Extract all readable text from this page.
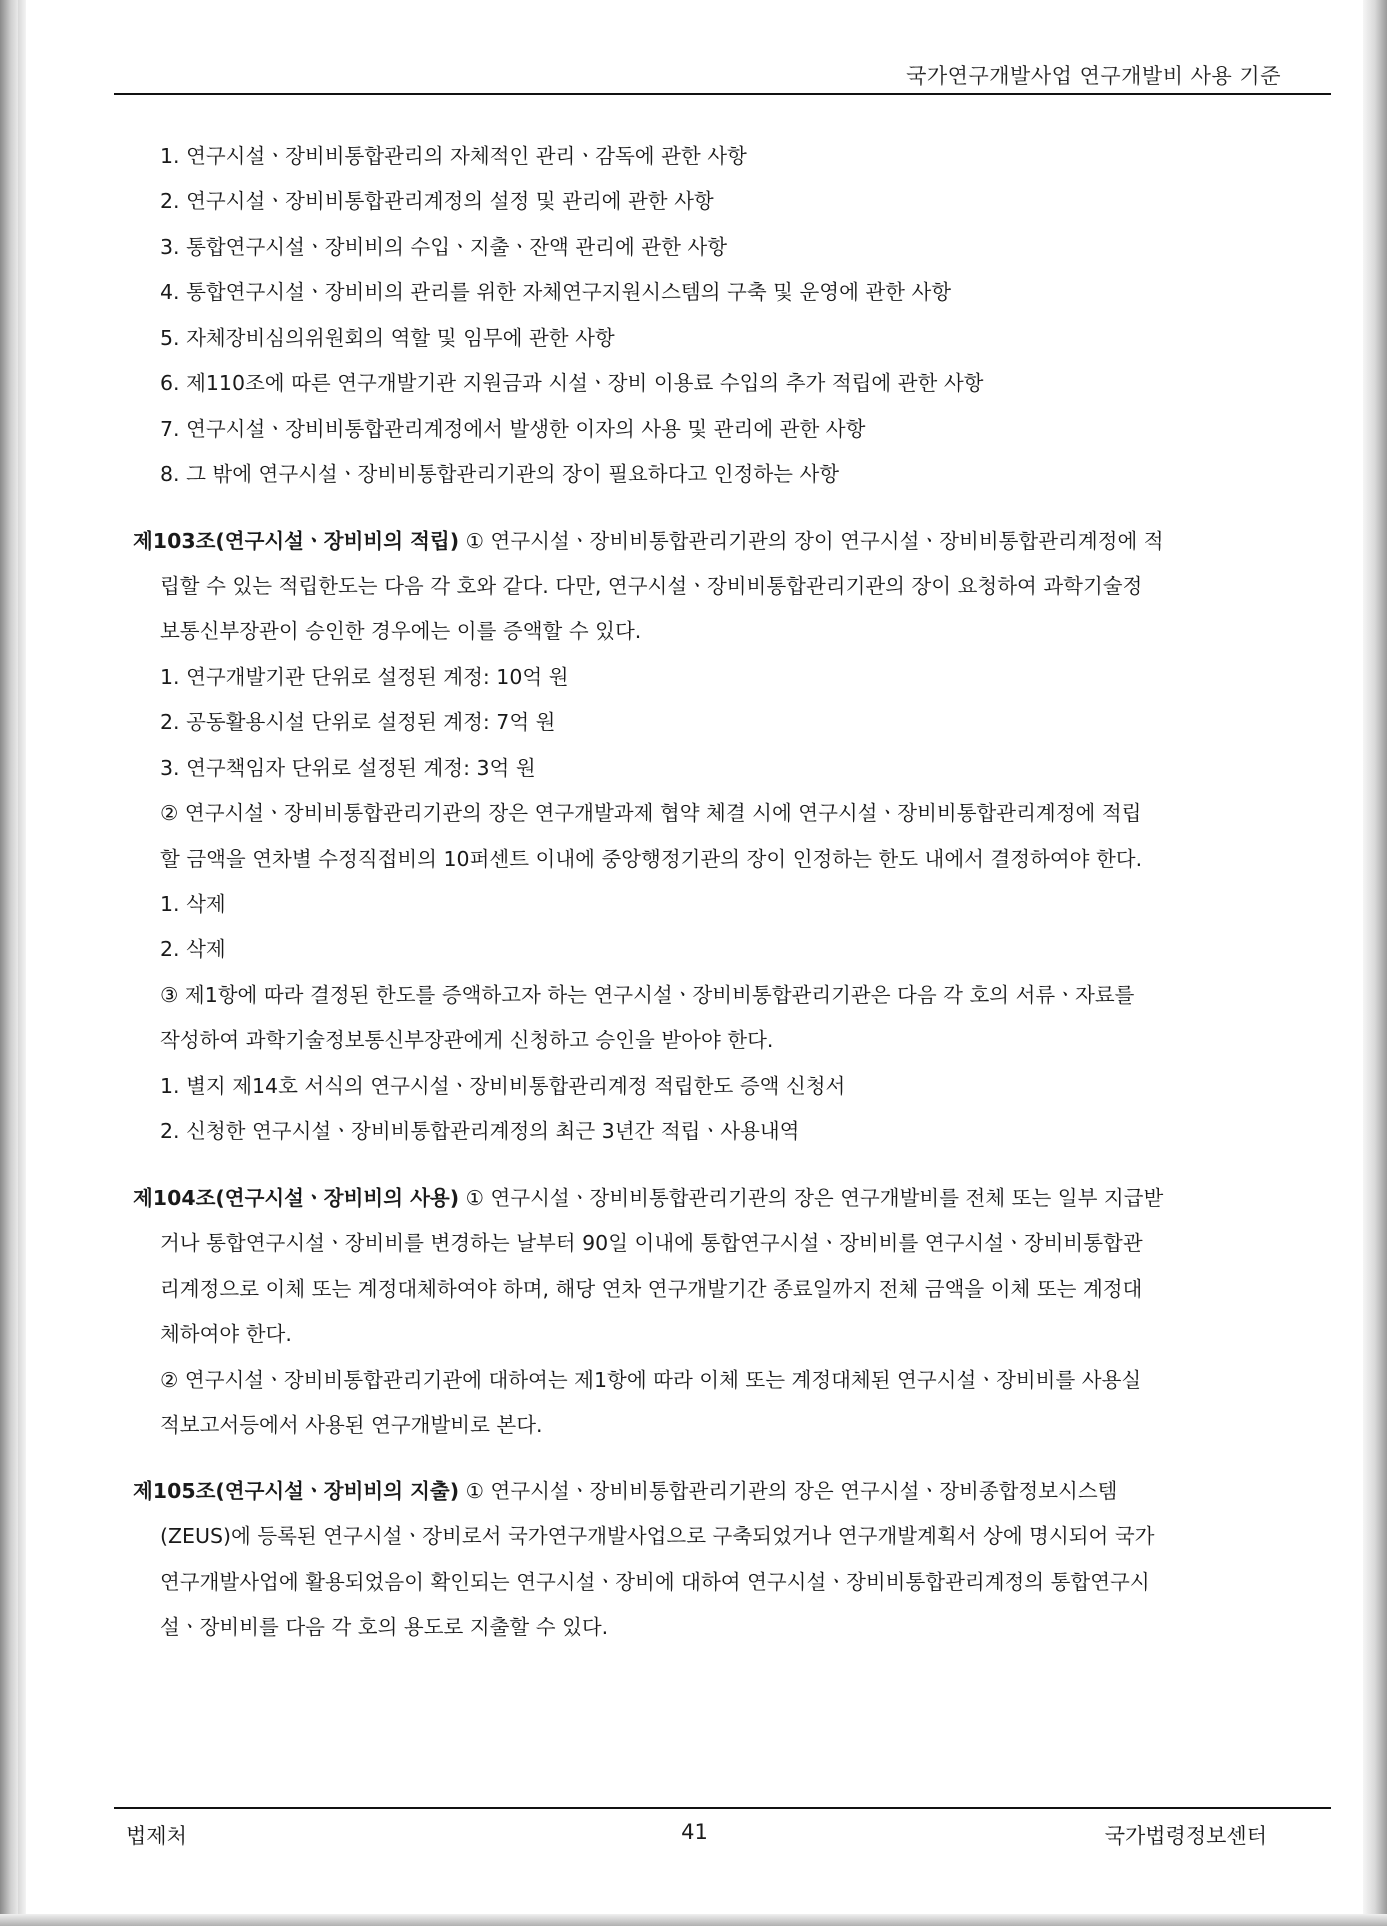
국가연구개발사업 연구개발비 사용 기준
1. 연구시설ㆍ장비비통합관리의 자체적인 관리ㆍ감독에 관한 사항
2. 연구시설ㆍ장비비통합관리계정의 설정 및 관리에 관한 사항
3. 통합연구시설ㆍ장비비의 수입ㆍ지출ㆍ잔액 관리에 관한 사항
4. 통합연구시설ㆍ장비비의 관리를 위한 자체연구지원시스템의 구축 및 운영에 관한 사항
5. 자체장비심의위원회의 역할 및 임무에 관한 사항
6. 제110조에 따른 연구개발기관 지원금과 시설ㆍ장비 이용료 수입의 추가 적립에 관한 사항
7. 연구시설ㆍ장비비통합관리계정에서 발생한 이자의 사용 및 관리에 관한 사항
8. 그 밖에 연구시설ㆍ장비비통합관리기관의 장이 필요하다고 인정하는 사항
제103조(연구시설ㆍ장비비의 적립) ① 연구시설ㆍ장비비통합관리기관의 장이 연구시설ㆍ장비비통합관리계정에 적
립할 수 있는 적립한도는 다음 각 호와 같다. 다만, 연구시설ㆍ장비비통합관리기관의 장이 요청하여 과학기술정
보통신부장관이 승인한 경우에는 이를 증액할 수 있다.
1. 연구개발기관 단위로 설정된 계정: 10억 원
2. 공동활용시설 단위로 설정된 계정: 7억 원
3. 연구책임자 단위로 설정된 계정: 3억 원
② 연구시설ㆍ장비비통합관리기관의 장은 연구개발과제 협약 체결 시에 연구시설ㆍ장비비통합관리계정에 적립
할 금액을 연차별 수정직접비의 10퍼센트 이내에 중앙행정기관의 장이 인정하는 한도 내에서 결정하여야 한다.
1. 삭제
2. 삭제
③ 제1항에 따라 결정된 한도를 증액하고자 하는 연구시설ㆍ장비비통합관리기관은 다음 각 호의 서류ㆍ자료를
작성하여 과학기술정보통신부장관에게 신청하고 승인을 받아야 한다.
1. 별지 제14호 서식의 연구시설ㆍ장비비통합관리계정 적립한도 증액 신청서
2. 신청한 연구시설ㆍ장비비통합관리계정의 최근 3년간 적립ㆍ사용내역
제104조(연구시설ㆍ장비비의 사용) ① 연구시설ㆍ장비비통합관리기관의 장은 연구개발비를 전체 또는 일부 지급받
거나 통합연구시설ㆍ장비비를 변경하는 날부터 90일 이내에 통합연구시설ㆍ장비비를 연구시설ㆍ장비비통합관
리계정으로 이체 또는 계정대체하여야 하며, 해당 연차 연구개발기간 종료일까지 전체 금액을 이체 또는 계정대
체하여야 한다.
② 연구시설ㆍ장비비통합관리기관에 대하여는 제1항에 따라 이체 또는 계정대체된 연구시설ㆍ장비비를 사용실
적보고서등에서 사용된 연구개발비로 본다.
제105조(연구시설ㆍ장비비의 지출) ① 연구시설ㆍ장비비통합관리기관의 장은 연구시설ㆍ장비종합정보시스템
(ZEUS)에 등록된 연구시설ㆍ장비로서 국가연구개발사업으로 구축되었거나 연구개발계획서 상에 명시되어 국가
연구개발사업에 활용되었음이 확인되는 연구시설ㆍ장비에 대하여 연구시설ㆍ장비비통합관리계정의 통합연구시
설ㆍ장비비를 다음 각 호의 용도로 지출할 수 있다.
법제처	41	국가법령정보센터
